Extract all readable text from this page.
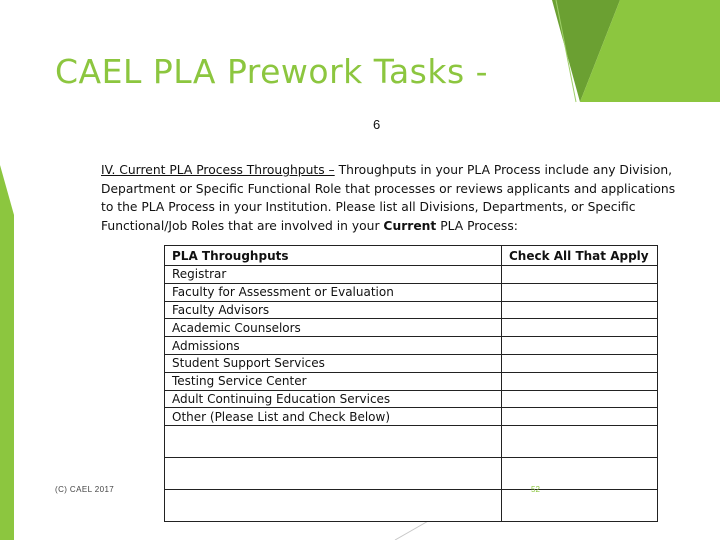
CAEL PLA Prework Tasks -
6
IV. Current PLA Process Throughputs – Throughputs in your PLA Process include any Division, Department or Specific Functional Role that processes or reviews applicants and applications to the PLA Process in your Institution. Please list all Divisions, Departments, or Specific Functional/Job Roles that are involved in your Current PLA Process:
PLA Throughputs	Check All That Apply
Registrar	
Faculty for Assessment or Evaluation	
Faculty Advisors	
Academic Counselors	
Admissions	
Student Support Services	
Testing Service Center	
Adult Continuing Education Services	
Other (Please List and Check Below)	

(C) CAEL 2017	52
